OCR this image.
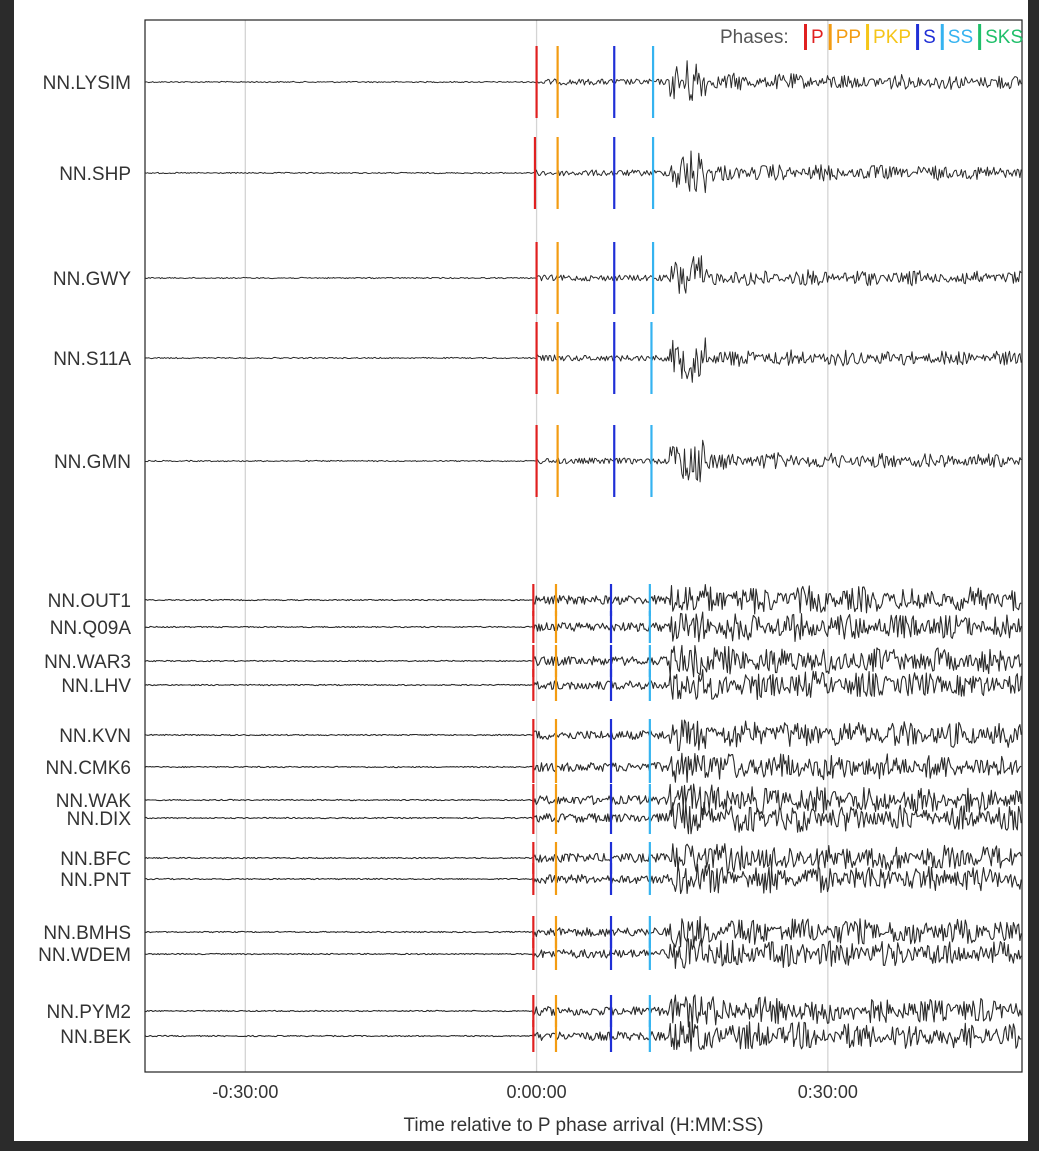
NN.LYSIM
NN.SHP
NN.GWY
NN.S11A
NN.GMN
NN.OUT1
NN.Q09A
NN.WAR3
NN.LHV
NN.KVN
NN.CMK6
NN.WAK
NN.DIX
NN.BFC
NN.PNT
NN.BMHS
NN.WDEM
NN.PYM2
NN.BEK
-0:30:00	0:00:00	0:30:00
Time relative to P phase arrival (H:MM:SS)
Phases: P PP PKP S SS SKS
